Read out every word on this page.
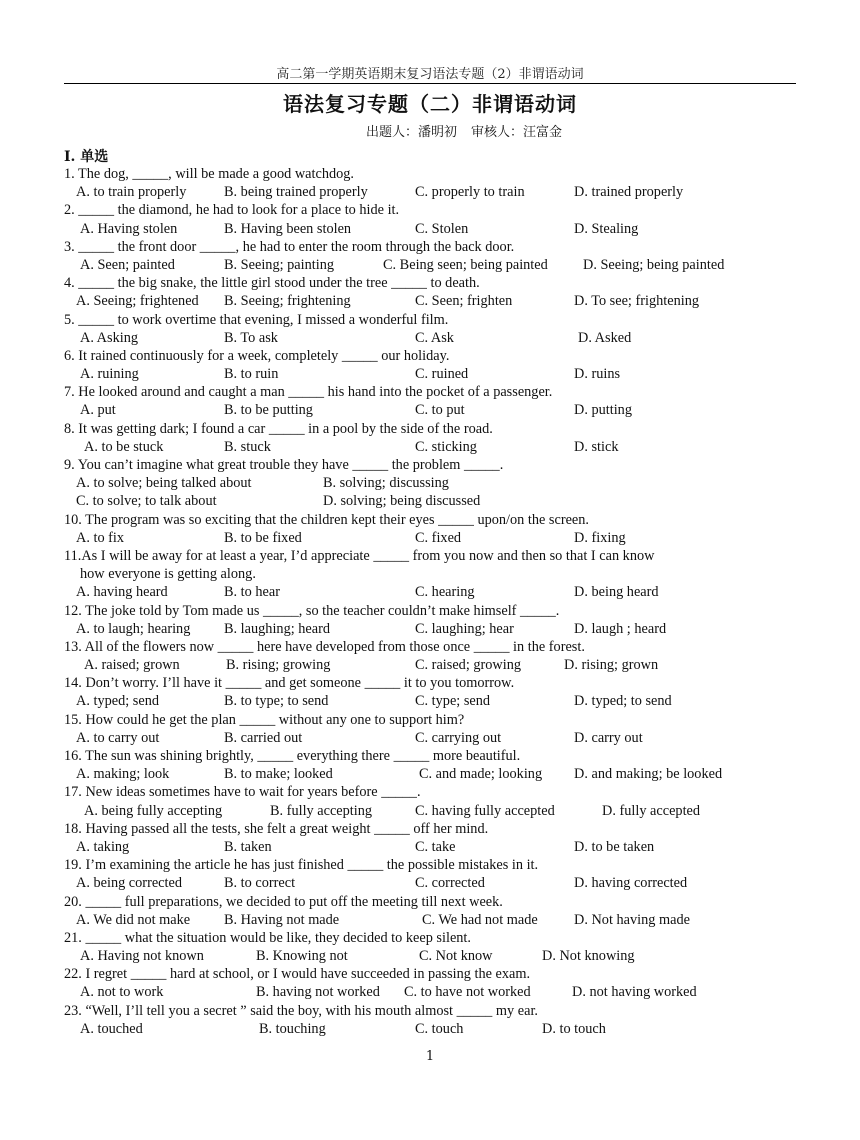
高二第一学期英语期末复习语法专题（2）非谓语动词
语法复习专题（二）非谓语动词
出题人：潘明初 审核人：汪富金
I. 单选
1. The dog, _____, will be made a good watchdog.
A. to train properly	B. being trained properly	C. properly to train	D. trained properly
2. _____ the diamond, he had to look for a place to hide it.
A. Having stolen	B. Having been stolen	C. Stolen	D. Stealing
3. _____ the front door _____, he had to enter the room through the back door.
A. Seen; painted	B. Seeing; painting	C. Being seen; being painted D. Seeing; being painted
4. _____ the big snake, the little girl stood under the tree _____ to death.
A. Seeing; frightened B. Seeing; frightening	C. Seen; frighten	D. To see; frightening
5. _____ to work overtime that evening, I missed a wonderful film.
A. Asking	B. To ask	C. Ask	D. Asked
6. It rained continuously for a week, completely _____ our holiday.
A. ruining	B. to ruin	C. ruined	D. ruins
7. He looked around and caught a man _____ his hand into the pocket of a passenger.
A. put	B. to be putting	C. to put	D. putting
8. It was getting dark; I found a car _____ in a pool by the side of the road.
A. to be stuck	B. stuck	C. sticking	D. stick
9. You can’t imagine what great trouble they have _____ the problem _____.
A. to solve; being talked about	B. solving; discussing
C. to solve; to talk about	D. solving; being discussed
10. The program was so exciting that the children kept their eyes _____ upon/on the screen.
A. to fix	B. to be fixed	C. fixed	D. fixing
11.As I will be away for at least a year, I’d appreciate _____ from you now and then so that I can know
how everyone is getting along.
A. having heard	B. to hear	C. hearing	D. being heard
12. The joke told by Tom made us _____, so the teacher couldn’t make himself _____.
A. to laugh; hearing B. laughing; heard	C. laughing; hear	D. laugh ; heard
13. All of the flowers now _____ here have developed from those once _____ in the forest.
A. raised; grown	B. rising; growing	C. raised; growing	D. rising; grown
14. Don’t worry. I’ll have it _____ and get someone _____ it to you tomorrow.
A. typed; send	B. to type; to send	C. type; send	D. typed; to send
15. How could he get the plan _____ without any one to support him?
A. to carry out	B. carried out	C. carrying out	D. carry out
16. The sun was shining brightly, _____ everything there _____ more beautiful.
A. making; look	B. to make; looked	C. and made; looking D. and making; be looked
17. New ideas sometimes have to wait for years before _____.
A. being fully accepting	B. fully accepting	C. having fully accepted	D. fully accepted
18. Having passed all the tests, she felt a great weight _____ off her mind.
A. taking	B. taken	C. take	D. to be taken
19. I’m examining the article he has just finished _____ the possible mistakes in it.
A. being corrected	B. to correct	C. corrected	D. having corrected
20. _____ full preparations, we decided to put off the meeting till next week.
A. We did not make B. Having not made	C. We had not made	D. Not having made
21. _____ what the situation would be like, they decided to keep silent.
A. Having not known	B. Knowing not	C. Not know	D. Not knowing
22. I regret _____ hard at school, or I would have succeeded in passing the exam.
A. not to work	B. having not worked C. to have not worked	D. not having worked
23. “Well, I’ll tell you a secret ” said the boy, with his mouth almost _____ my ear.
A. touched	B. touching	C. touch	D. to touch
1
